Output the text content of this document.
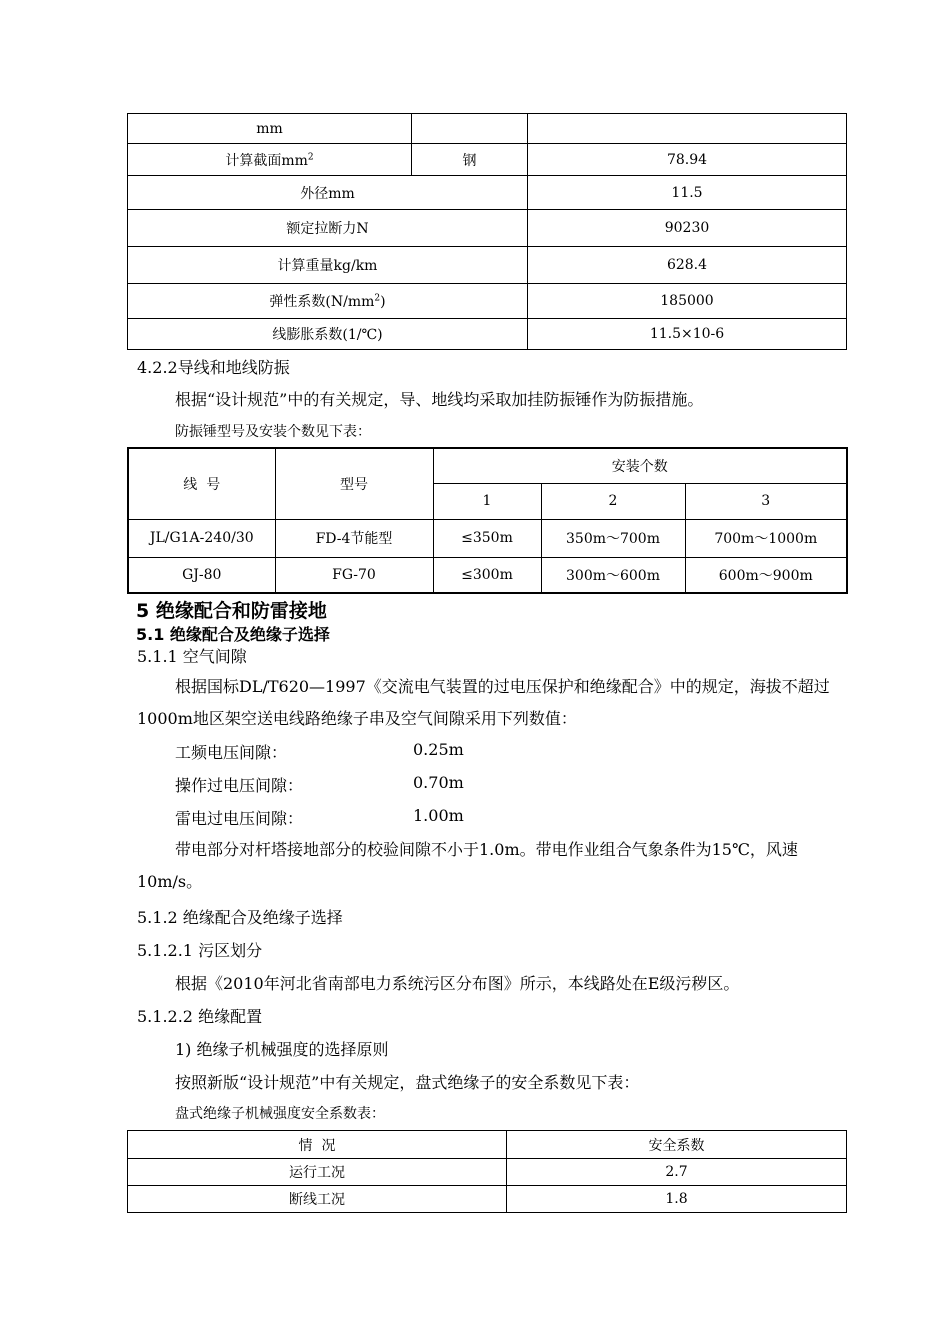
mm		
计算截面$mm^2$	钢	78.94
外径mm		11.5
额定拉断力N		90230
计算重量kg/km		628.4
弹性系数$(N/mm^2)$		185000
线膨胀系数(1/℃)		11.5×10-6
4.2.2导线和地线防振
根据“设计规范”中的有关规定，导、地线均采取加挂防振锤作为防振措施。
防振锤型号及安装个数见下表：
线  号	型号	安装个数		
		1	2	3
JL/G1A-240/30	FD-4节能型	≤350m	350m～700m	700m～1000m
GJ-80	FG-70	≤300m	300m～600m	600m～900m
5 绝缘配合和防雷接地
5.1 绝缘配合及绝缘子选择
5.1.1 空气间隙
根据国标DL/T620—1997《交流电气装置的过电压保护和绝缘配合》中的规定，海拔不超过1000m地区架空送电线路绝缘子串及空气间隙采用下列数值：
工频电压间隙：	0.25m
操作过电压间隙：	0.70m
雷电过电压间隙：	1.00m
带电部分对杆塔接地部分的校验间隙不小于1.0m。带电作业组合气象条件为15℃，风速10m/s。
5.1.2 绝缘配合及绝缘子选择
5.1.2.1 污区划分
根据《2010年河北省南部电力系统污区分布图》所示，本线路处在E级污秽区。
5.1.2.2 绝缘配置
1) 绝缘子机械强度的选择原则
按照新版“设计规范”中有关规定，盘式绝缘子的安全系数见下表：
盘式绝缘子机械强度安全系数表：
情  况	安全系数
运行工况	2.7
断线工况	1.8
